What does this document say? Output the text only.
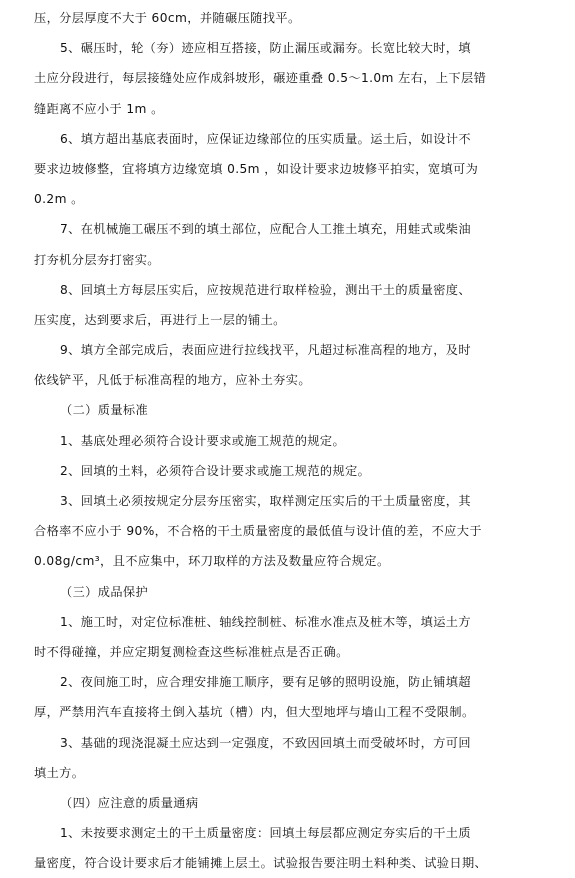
压，分层厚度不大于 60cm，并随碾压随找平。
5、碾压时，轮（夯）迹应相互搭接，防止漏压或漏夯。长宽比较大时，填
土应分段进行，每层接缝处应作成斜坡形，碾迹重叠 0.5～1.0m 左右，上下层错
缝距离不应小于 1m 。
6、填方超出基底表面时，应保证边缘部位的压实质量。运土后，如设计不
要求边坡修整，宜将填方边缘宽填 0.5m ，如设计要求边坡修平拍实，宽填可为
0.2m 。
7、在机械施工碾压不到的填土部位，应配合人工推土填充，用蛙式或柴油
打夯机分层夯打密实。
8、回填土方每层压实后，应按规范进行取样检验，测出干土的质量密度、
压实度，达到要求后，再进行上一层的铺土。
9、填方全部完成后，表面应进行拉线找平，凡超过标准高程的地方，及时
依线铲平，凡低于标准高程的地方，应补土夯实。
（二）质量标准
1、基底处理必须符合设计要求或施工规范的规定。
2、回填的土料，必须符合设计要求或施工规范的规定。
3、回填土必须按规定分层夯压密实，取样测定压实后的干土质量密度，其
合格率不应小于 90%，不合格的干土质量密度的最低值与设计值的差，不应大于
0.08g/cm³，且不应集中，环刀取样的方法及数量应符合规定。
（三）成品保护
1、施工时，对定位标准桩、轴线控制桩、标准水准点及桩木等，填运土方
时不得碰撞，并应定期复测检查这些标准桩点是否正确。
2、夜间施工时，应合理安排施工顺序，要有足够的照明设施，防止铺填超
厚，严禁用汽车直接将土倒入基坑（槽）内，但大型地坪与墙山工程不受限制。
3、基础的现浇混凝土应达到一定强度，不致因回填土而受破坏时，方可回
填土方。
（四）应注意的质量通病
1、未按要求测定土的干土质量密度：回填土每层都应测定夯实后的干土质
量密度，符合设计要求后才能铺摊上层土。试验报告要注明土料种类、试验日期、
